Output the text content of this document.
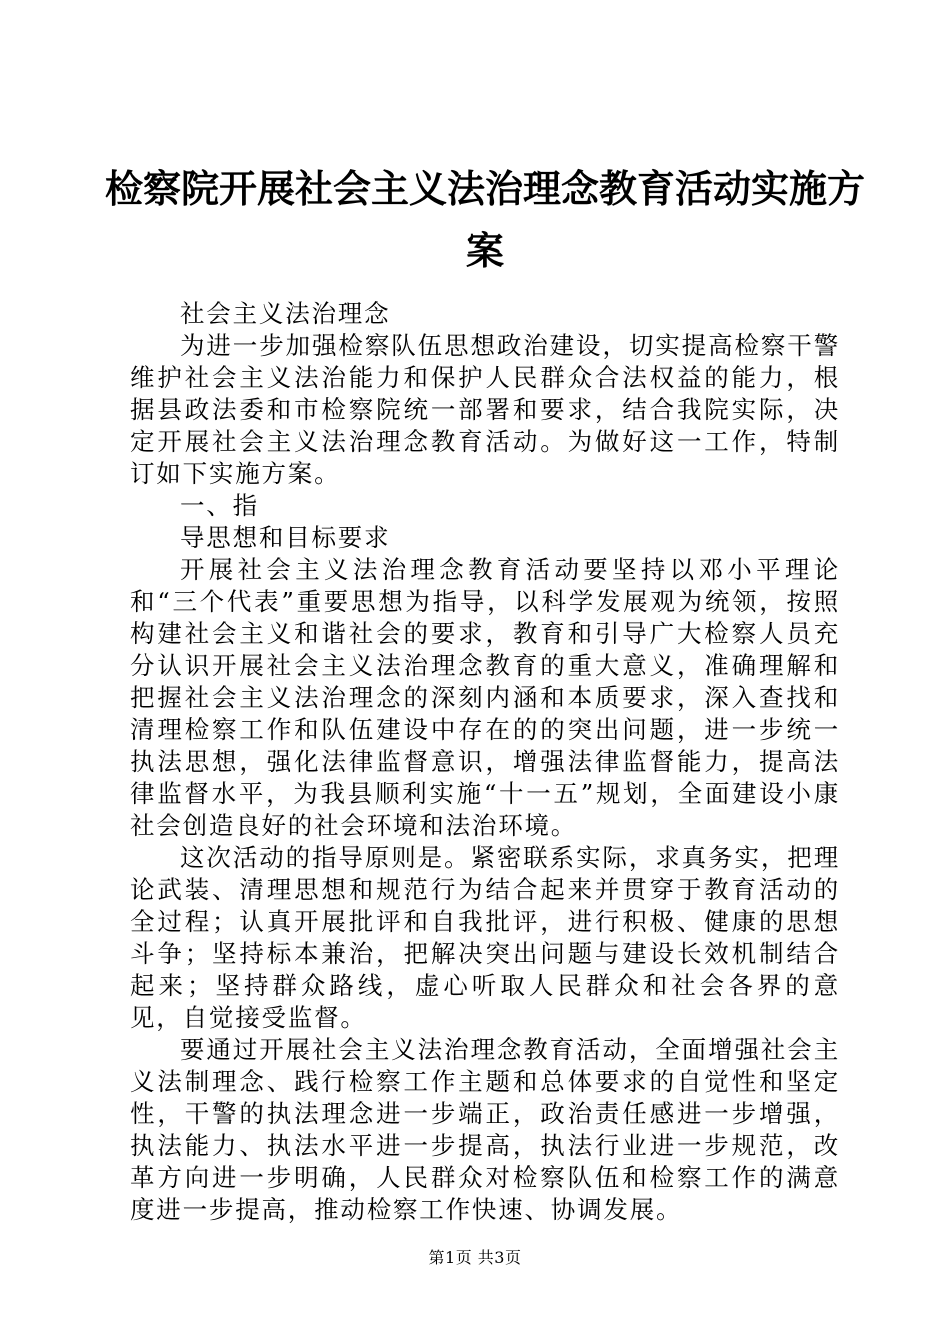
检察院开展社会主义法治理念教育活动实施方案

社会主义法治理念

为进一步加强检察队伍思想政治建设，切实提高检察干警维护社会主义法治能力和保护人民群众合法权益的能力，根据县政法委和市检察院统一部署和要求，结合我院实际，决定开展社会主义法治理念教育活动。为做好这一工作，特制订如下实施方案。

一、指

导思想和目标要求

开展社会主义法治理念教育活动要坚持以邓小平理论和“三个代表”重要思想为指导，以科学发展观为统领，按照构建社会主义和谐社会的要求，教育和引导广大检察人员充分认识开展社会主义法治理念教育的重大意义，准确理解和把握社会主义法治理念的深刻内涵和本质要求，深入查找和清理检察工作和队伍建设中存在的的突出问题，进一步统一执法思想，强化法律监督意识，增强法律监督能力，提高法律监督水平，为我县顺利实施“十一五”规划，全面建设小康社会创造良好的社会环境和法治环境。

这次活动的指导原则是。紧密联系实际，求真务实，把理论武装、清理思想和规范行为结合起来并贯穿于教育活动的全过程；认真开展批评和自我批评，进行积极、健康的思想斗争；坚持标本兼治，把解决突出问题与建设长效机制结合起来；坚持群众路线，虚心听取人民群众和社会各界的意见，自觉接受监督。

要通过开展社会主义法治理念教育活动，全面增强社会主义法制理念、践行检察工作主题和总体要求的自觉性和坚定性，干警的执法理念进一步端正，政治责任感进一步增强，执法能力、执法水平进一步提高，执法行业进一步规范，改革方向进一步明确，人民群众对检察队伍和检察工作的满意度进一步提高，推动检察工作快速、协调发展。

第1页 共3页
